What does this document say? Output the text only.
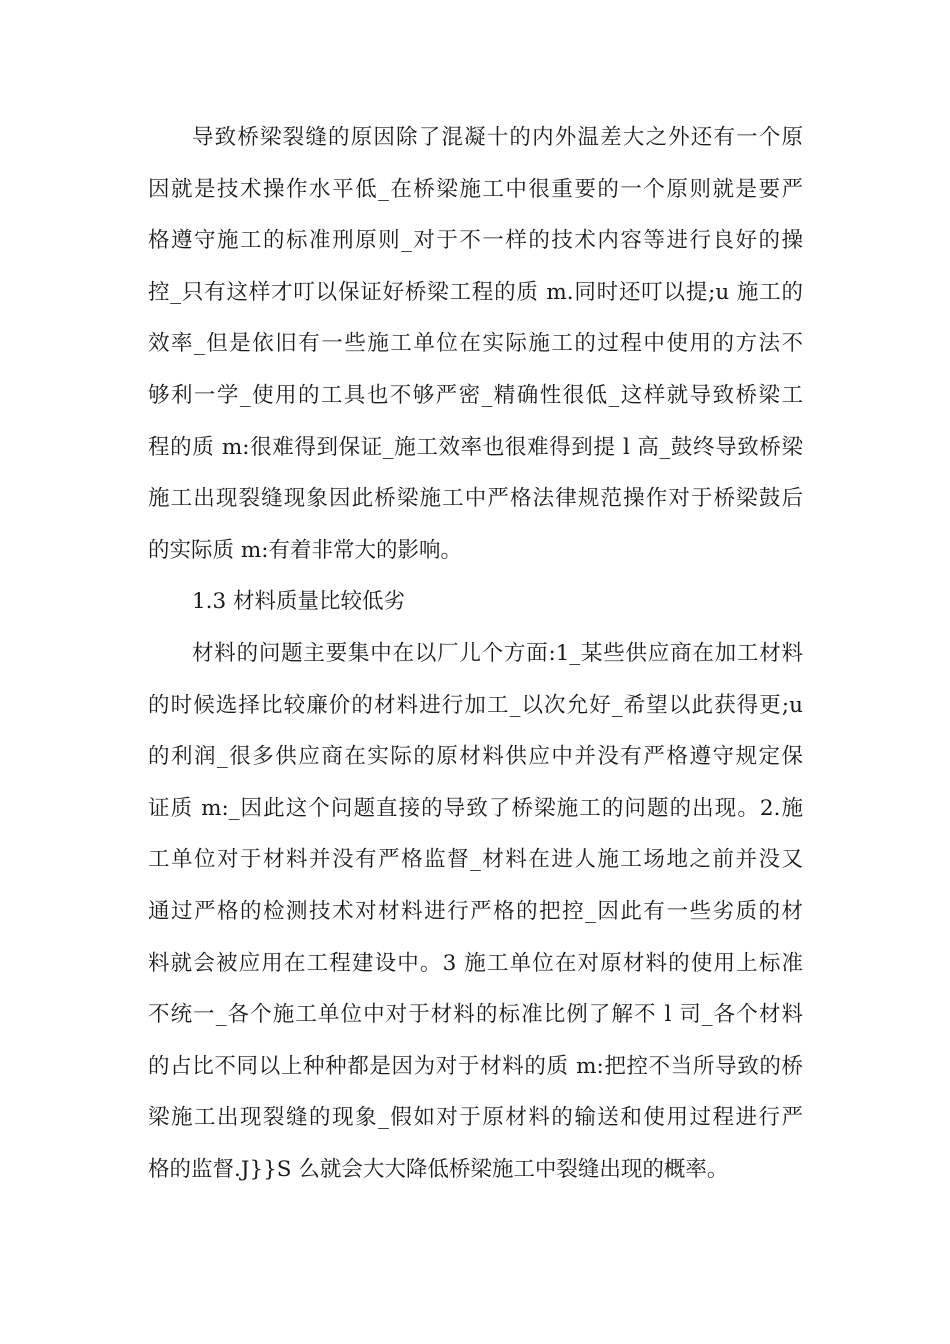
导致桥梁裂缝的原因除了混凝十的内外温差大之外还有一个原
因就是技术操作水平低_在桥梁施工中很重要的一个原则就是要严
格遵守施工的标准刑原则_对于不一样的技术内容等进行良好的操
控_只有这样才叮以保证好桥梁工程的质 m.同时还叮以提;u 施工的
效率_但是依旧有一些施工单位在实际施工的过程中使用的方法不
够利一学_使用的工具也不够严密_精确性很低_这样就导致桥梁工
程的质 m:很难得到保证_施工效率也很难得到提 l 高_鼓终导致桥梁
施工出现裂缝现象因此桥梁施工中严格法律规范操作对于桥梁鼓后
的实际质 m:有着非常大的影响。
1.3 材料质量比较低劣
材料的问题主要集中在以厂儿个方面:1_某些供应商在加工材料
的时候选择比较廉价的材料进行加工_以次允好_希望以此获得更;u
的利润_很多供应商在实际的原材料供应中并没有严格遵守规定保
证质 m:_因此这个问题直接的导致了桥梁施工的问题的出现。2.施
工单位对于材料并没有严格监督_材料在进人施工场地之前并没又
通过严格的检测技术对材料进行严格的把控_因此有一些劣质的材
料就会被应用在工程建设中。3 施工单位在对原材料的使用上标准
不统一_各个施工单位中对于材料的标准比例了解不 l 司_各个材料
的占比不同以上种种都是因为对于材料的质 m:把控不当所导致的桥
梁施工出现裂缝的现象_假如对于原材料的输送和使用过程进行严
格的监督.J}}S 么就会大大降低桥梁施工中裂缝出现的概率。
